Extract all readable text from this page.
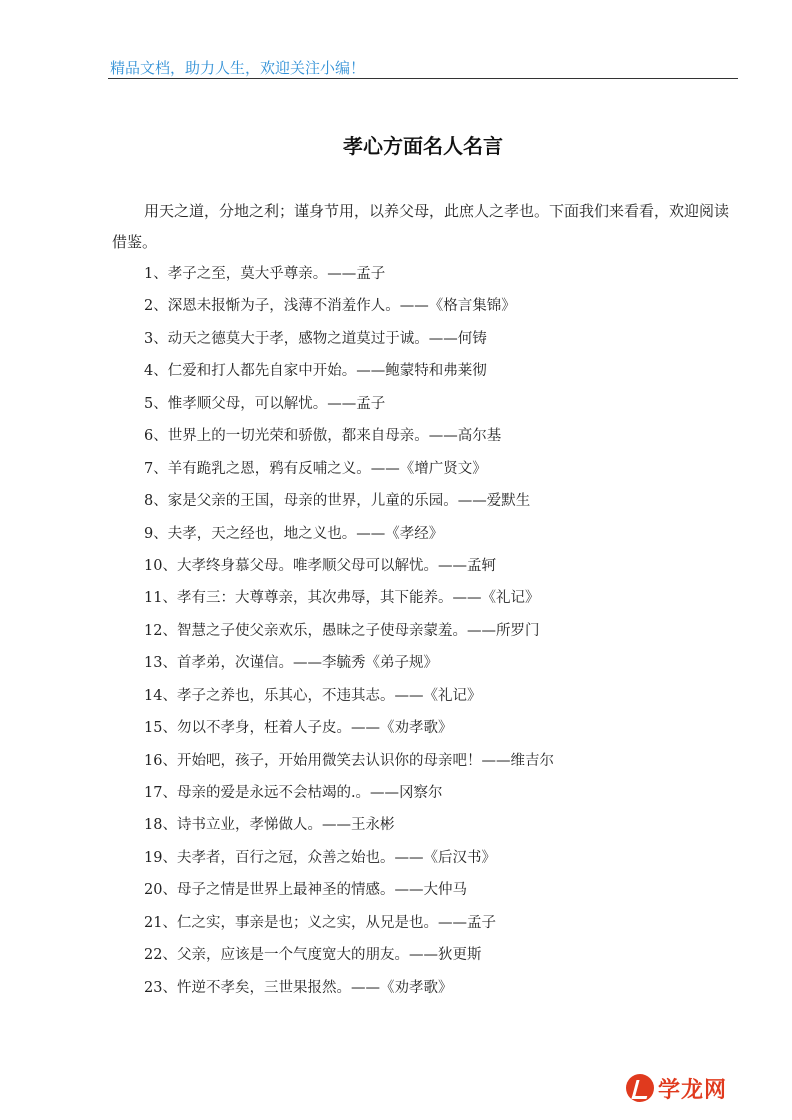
精品文档，助力人生，欢迎关注小编！
孝心方面名人名言

用天之道，分地之利；谨身节用，以养父母，此庶人之孝也。下面我们来看看，欢迎阅读借鉴。

1、孝子之至，莫大乎尊亲。——孟子
2、深恩未报惭为子，浅薄不消羞作人。——《格言集锦》
3、动天之德莫大于孝，感物之道莫过于诚。——何铸
4、仁爱和打人都先自家中开始。——鲍蒙特和弗莱彻
5、惟孝顺父母，可以解忧。——孟子
6、世界上的一切光荣和骄傲，都来自母亲。——高尔基
7、羊有跪乳之恩，鸦有反哺之义。——《增广贤文》
8、家是父亲的王国，母亲的世界，儿童的乐园。——爱默生
9、夫孝，天之经也，地之义也。——《孝经》
10、大孝终身慕父母。唯孝顺父母可以解忧。——孟轲
11、孝有三：大尊尊亲，其次弗辱，其下能养。——《礼记》
12、智慧之子使父亲欢乐，愚昧之子使母亲蒙羞。——所罗门
13、首孝弟，次谨信。——李毓秀《弟子规》
14、孝子之养也，乐其心，不违其志。——《礼记》
15、勿以不孝身，枉着人子皮。——《劝孝歌》
16、开始吧，孩子，开始用微笑去认识你的母亲吧！——维吉尔
17、母亲的爱是永远不会枯竭的.。——冈察尔
18、诗书立业，孝悌做人。——王永彬
19、夫孝者，百行之冠，众善之始也。——《后汉书》
20、母子之情是世界上最神圣的情感。——大仲马
21、仁之实，事亲是也；义之实，从兄是也。——孟子
22、父亲，应该是一个气度宽大的朋友。——狄更斯
23、忤逆不孝矣，三世果报然。——《劝孝歌》
学龙网
